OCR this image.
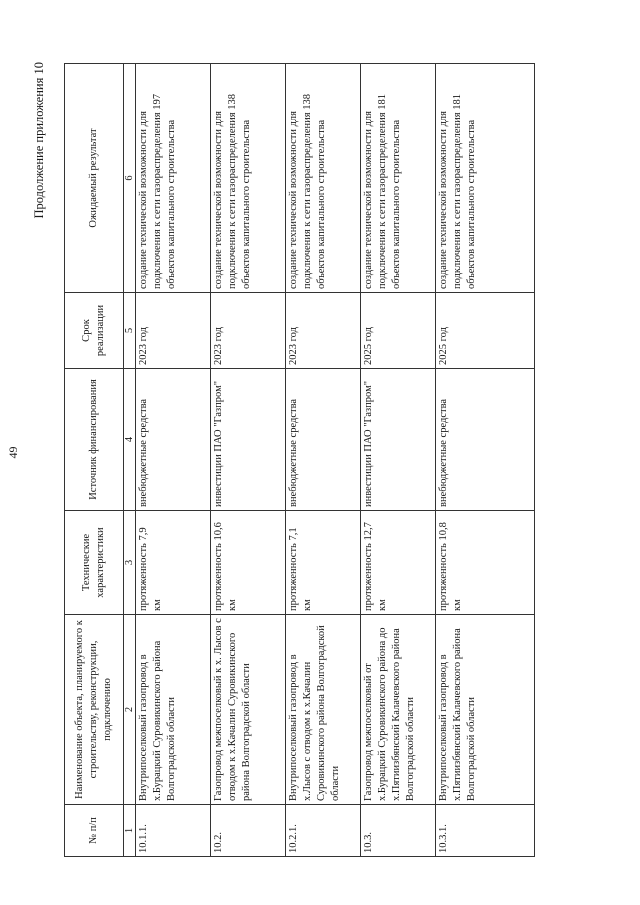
49
Продолжение приложения 10
№ п/п	Наименование объекта, планируемого к строительству, реконструкции, подключению	Технические характеристики	Источник финансирования	Срок реализации	Ожидаемый результат
1	2	3	4	5	6
10.1.1.	Внутрипоселковый газопровод в х.Бурацкий Суровикинского района Волгоградской области	протяженность 7,9 км	внебюджетные средства	2023 год	создание технической возможности для подключения к сети газораспределения 197 объектов капитального строительства
10.2.	Газопровод межпоселковый к х. Лысов с отводом к х.Качалин Суровикинского района Волгоградской области	протяженность 10,6 км	инвестиции ПАО "Газпром"	2023 год	создание технической возможности для подключения к сети газораспределения 138 объектов капитального строительства
10.2.1.	Внутрипоселковый газопровод в х.Лысов с отводом к х.Качалин Суровикинского района Волгоградской области	протяженность 7,1 км	внебюджетные средства	2023 год	создание технической возможности для подключения к сети газораспределения 138 объектов капитального строительства
10.3.	Газопровод межпоселковый от х.Бурацкий Суровикинского района до х.Пятиизбянский Калачевского района Волгоградской области	протяженность 12,7 км	инвестиции ПАО "Газпром"	2025 год	создание технической возможности для подключения к сети газораспределения 181 объектов капитального строительства
10.3.1.	Внутрипоселковый газопровод в х.Пятиизбянский Калачевского района Волгоградской области	протяженность 10,8 км	внебюджетные средства	2025 год	создание технической возможности для подключения к сети газораспределения 181 объектов капитального строительства
